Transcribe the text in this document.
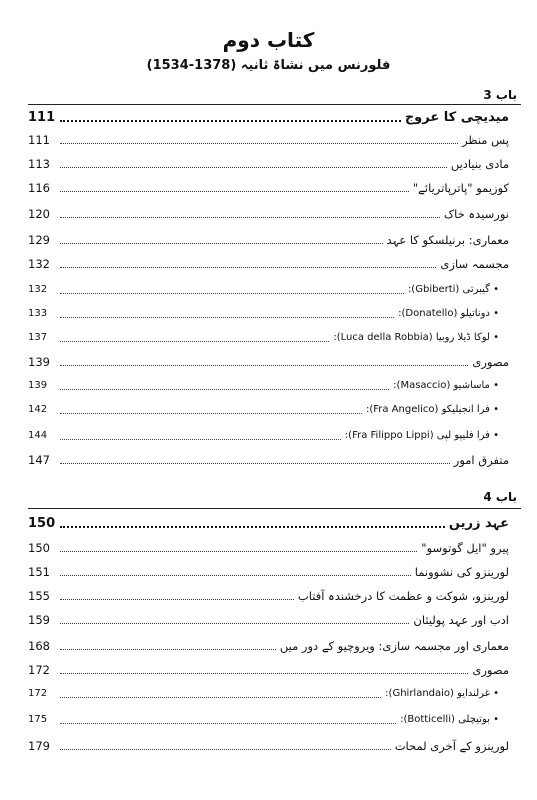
کتاب دوم
فلورنس میں نشاۃ ثانیہ (1378-1534)
باب 3
111	میدیچی کا عروج
111	پس منظر
113	مادی بنیادیں
116	کوزیمو "پاترپاتریائے"
120	نورسیدہ خاک
129	معماری: برنیلسکو کا عہد
132	مجسمہ سازی
132	• گیبرتی (Gbiberti):
133	• دوناتیلو (Donatello):
137	• لوکا ڈیلا روبیا (Luca della Robbia):
139	مصوری
139	• ماساشیو (Masaccio):
142	• فرا انجیلیکو (Fra Angelico):
144	• فرا فلیپو لپی (Fra Filippo Lippi):
147	متفرق امور
باب 4
150	عہد زریں
150	پیرو "ایل گوتوسو"
151	لورینزو کی نشوونما
155	لورینزو، شوکت و عظمت کا درخشندہ آفتاب
159	ادب اور عہد پولیثان
168	معماری اور مجسمہ سازی: ویروچیو کے دور میں
172	مصوری
172	• غرلندایو (Ghirlandaio):
175	• بوتیچلی (Botticelli):
179	لورینزو کے آخری لمحات
